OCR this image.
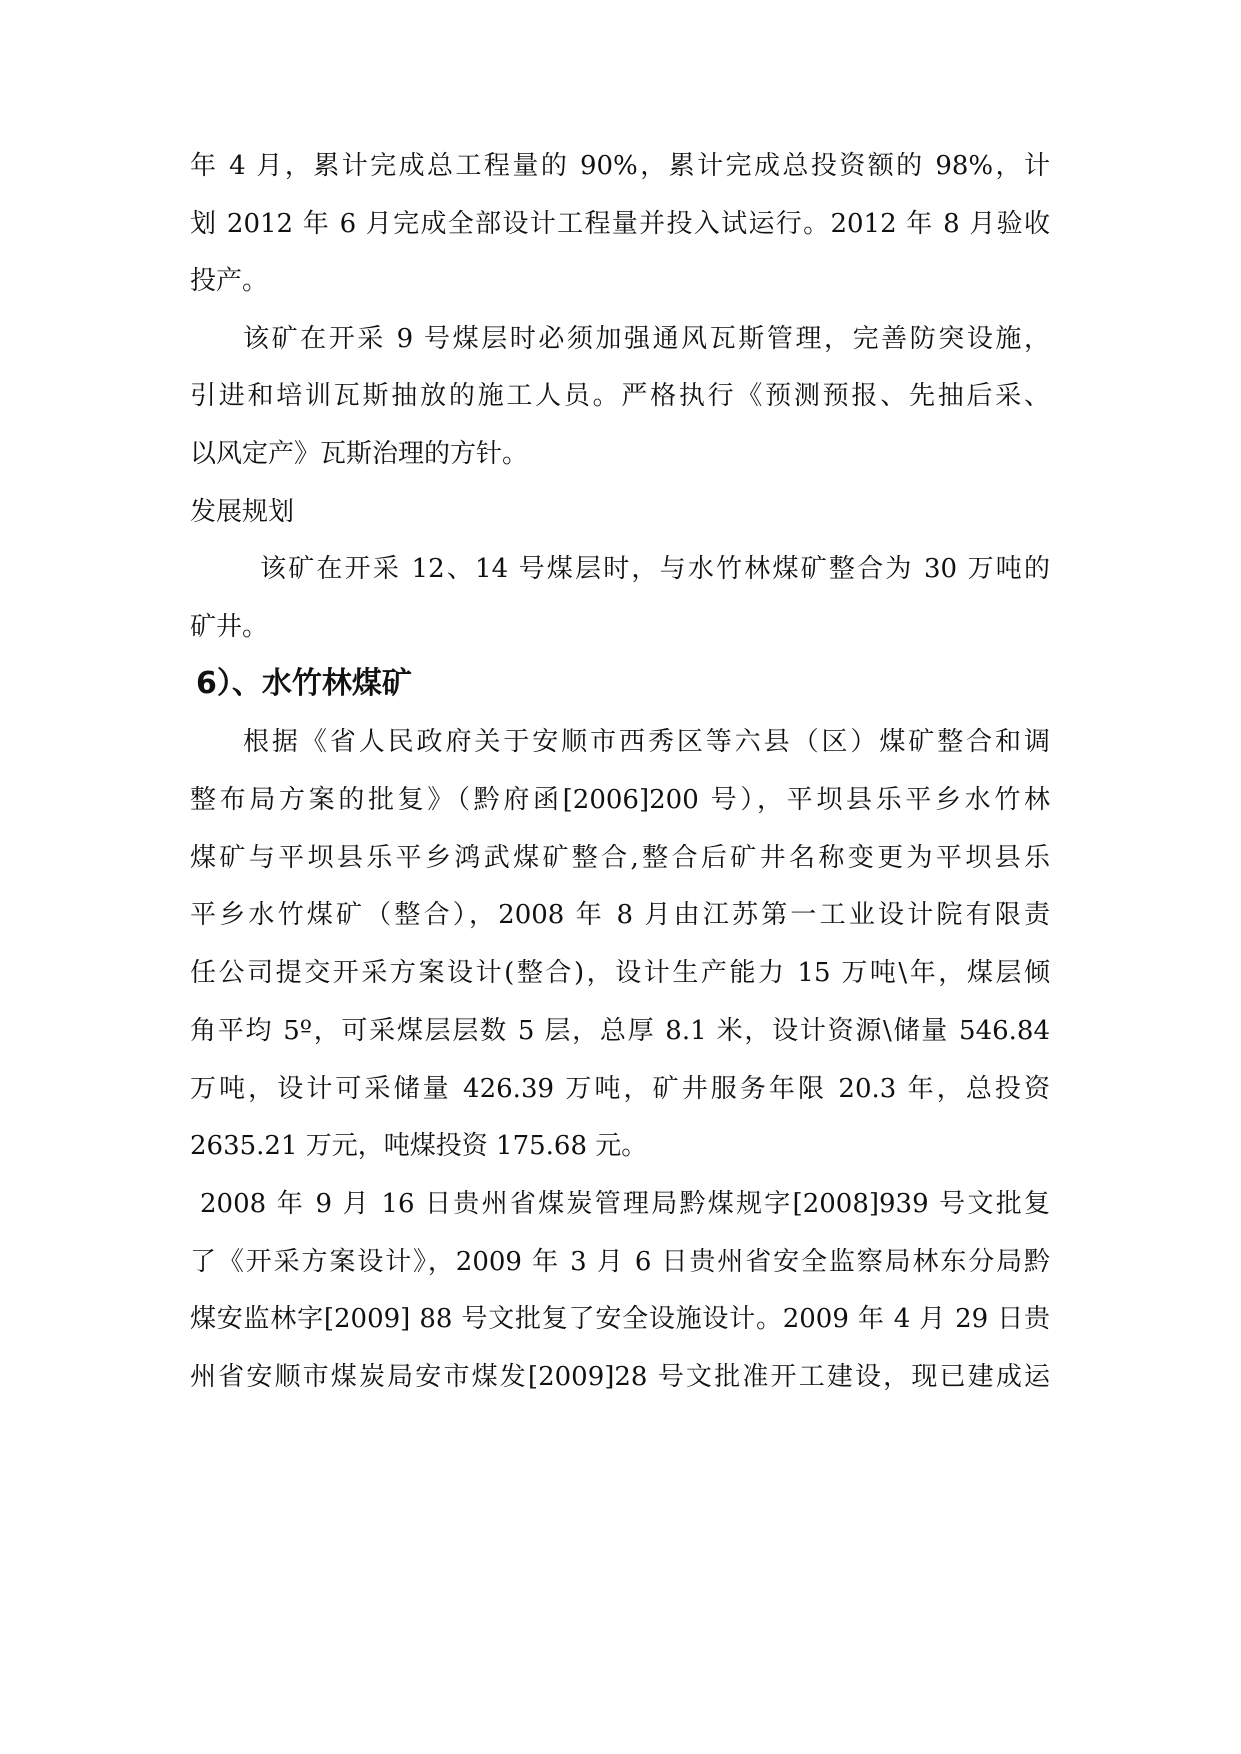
年 4 月，累计完成总工程量的 90%，累计完成总投资额的 98%，计

划 2012 年 6 月完成全部设计工程量并投入试运行。2012 年 8 月验收

投产。

该矿在开采 9 号煤层时必须加强通风瓦斯管理，完善防突设施，

引进和培训瓦斯抽放的施工人员。严格执行《预测预报、先抽后采、

以风定产》瓦斯治理的方针。

发展规划

该矿在开采 12、14 号煤层时，与水竹林煤矿整合为 30 万吨的

矿井。

6）、水竹林煤矿

根据《省人民政府关于安顺市西秀区等六县（区）煤矿整合和调

整布局方案的批复》（黔府函[2006]200 号），平坝县乐平乡水竹林

煤矿与平坝县乐平乡鸿武煤矿整合,整合后矿井名称变更为平坝县乐

平乡水竹煤矿（整合），2008 年 8 月由江苏第一工业设计院有限责

任公司提交开采方案设计(整合)，设计生产能力 15 万吨\年，煤层倾

角平均 5º，可采煤层层数 5 层，总厚 8.1 米，设计资源\储量 546.84

万吨，设计可采储量 426.39 万吨，矿井服务年限 20.3 年，总投资

2635.21 万元，吨煤投资 175.68 元。

2008 年 9 月 16 日贵州省煤炭管理局黔煤规字[2008]939 号文批复

了《开采方案设计》，2009 年 3 月 6 日贵州省安全监察局林东分局黔

煤安监林字[2009] 88 号文批复了安全设施设计。2009 年 4 月 29 日贵

州省安顺市煤炭局安市煤发[2009]28 号文批准开工建设，现已建成运
